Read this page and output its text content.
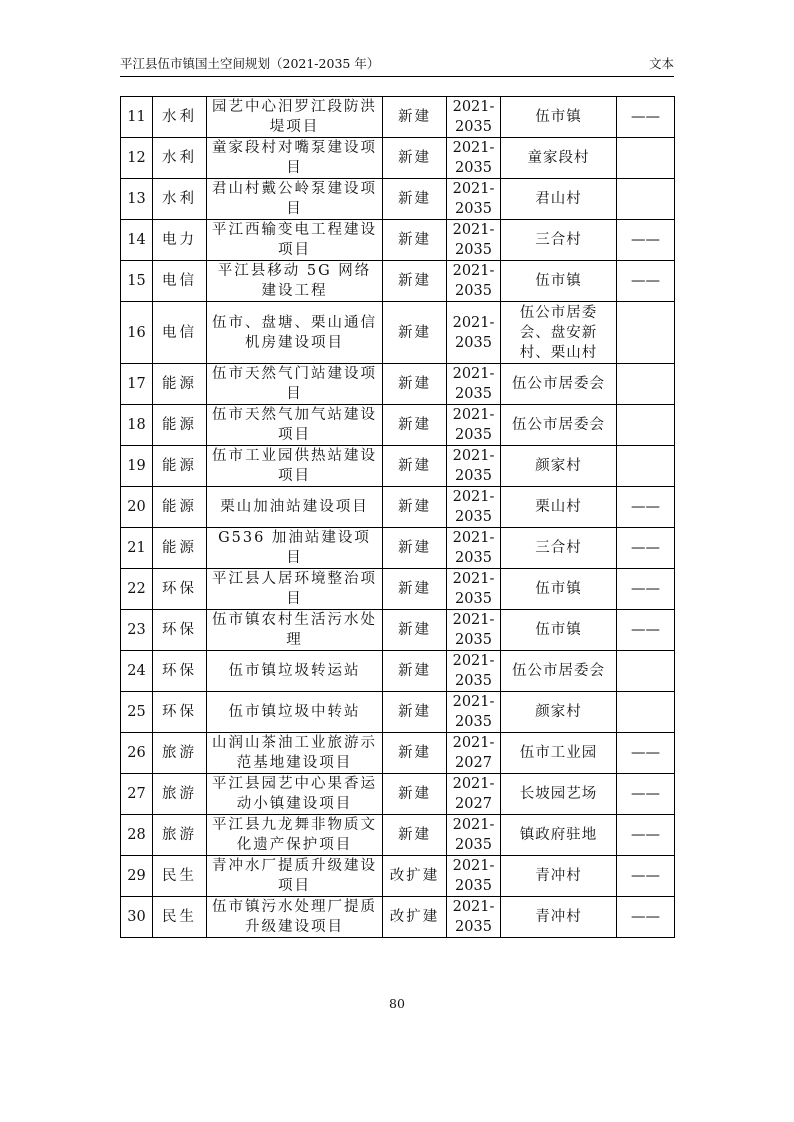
平江县伍市镇国土空间规划（2021-2035 年）	文本
11	水利	园艺中心汨罗江段防洪堤项目	新建	2021-2035	伍市镇	——
12	水利	童家段村对嘴泵建设项目	新建	2021-2035	童家段村	
13	水利	君山村戴公岭泵建设项目	新建	2021-2035	君山村	
14	电力	平江西输变电工程建设项目	新建	2021-2035	三合村	——
15	电信	平江县移动 5G 网络建设工程	新建	2021-2035	伍市镇	——
16	电信	伍市、盘塘、栗山通信机房建设项目	新建	2021-2035	伍公市居委会、盘安新村、栗山村	
17	能源	伍市天然气门站建设项目	新建	2021-2035	伍公市居委会	
18	能源	伍市天然气加气站建设项目	新建	2021-2035	伍公市居委会	
19	能源	伍市工业园供热站建设项目	新建	2021-2035	颜家村	
20	能源	栗山加油站建设项目	新建	2021-2035	栗山村	——
21	能源	G536 加油站建设项目	新建	2021-2035	三合村	——
22	环保	平江县人居环境整治项目	新建	2021-2035	伍市镇	——
23	环保	伍市镇农村生活污水处理	新建	2021-2035	伍市镇	——
24	环保	伍市镇垃圾转运站	新建	2021-2035	伍公市居委会	
25	环保	伍市镇垃圾中转站	新建	2021-2035	颜家村	
26	旅游	山润山茶油工业旅游示范基地建设项目	新建	2021-2027	伍市工业园	——
27	旅游	平江县园艺中心果香运动小镇建设项目	新建	2021-2027	长坡园艺场	——
28	旅游	平江县九龙舞非物质文化遗产保护项目	新建	2021-2035	镇政府驻地	——
29	民生	青冲水厂提质升级建设项目	改扩建	2021-2035	青冲村	——
30	民生	伍市镇污水处理厂提质升级建设项目	改扩建	2021-2035	青冲村	——
80
